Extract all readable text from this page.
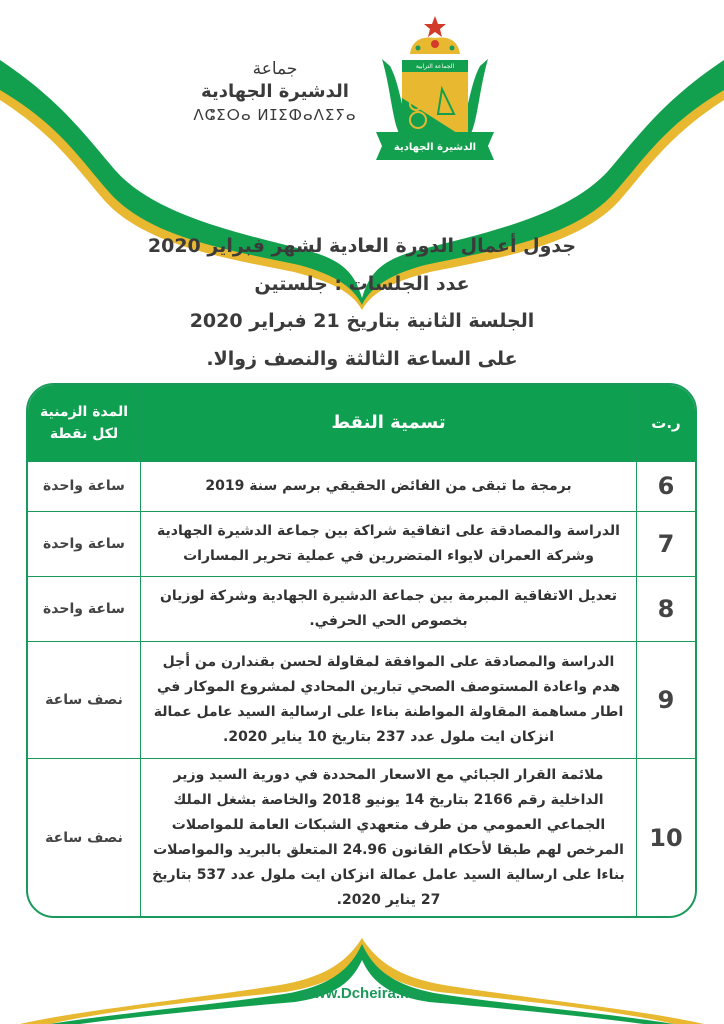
جماعة
الدشيرة الجهادية
ⴷⵛⵉⵔⴰ ⵍⵊⵉⵀⴰⴷⵉⵢⴰ
الجماعة الترابية
الدشيرة الجهادية
جدول أعمال الدورة العادية لشهر فبراير 2020
عدد الجلسات : جلستين
الجلسة الثانية بتاريخ 21 فبراير 2020
على الساعة الثالثة والنصف زوالا.
ر.ت	تسمية النقط	المدة الزمنية
لكل نقطة

6	برمجة ما تبقى من الفائض الحقيقي برسم سنة 2019	ساعة واحدة
7	الدراسة والمصادقة على اتفاقية شراكة بين جماعة الدشيرة الجهادية وشركة العمران لايواء المتضررين في عملية تحرير المسارات	ساعة واحدة
8	تعديل الاتفاقية المبرمة بين جماعة الدشيرة الجهادية وشركة لوزيان بخصوص الحي الحرفي.	ساعة واحدة
9	الدراسة والمصادقة على الموافقة لمقاولة لحسن بقندارن من أجل هدم واعادة المستوصف الصحي تبارين المحادي لمشروع الموكار في اطار مساهمة المقاولة المواطنة بناءا على ارسالية السيد عامل عمالة انزكان ايت ملول عدد 237 بتاريخ 10 يناير 2020.	نصف ساعة
10	ملائمة القرار الجبائي مع الاسعار المحددة في دورية السيد وزير الداخلية رقم 2166 بتاريخ 14 يونيو 2018 والخاصة بشغل الملك الجماعي العمومي من طرف متعهدي الشبكات العامة للمواصلات المرخص لهم طبقا لأحكام القانون 24.96 المتعلق بالبريد والمواصلات بناءا على ارسالية السيد عامل عمالة انزكان ايت ملول عدد 537 بتاريخ 27 يناير 2020.	نصف ساعة
www.Dcheira.ma
